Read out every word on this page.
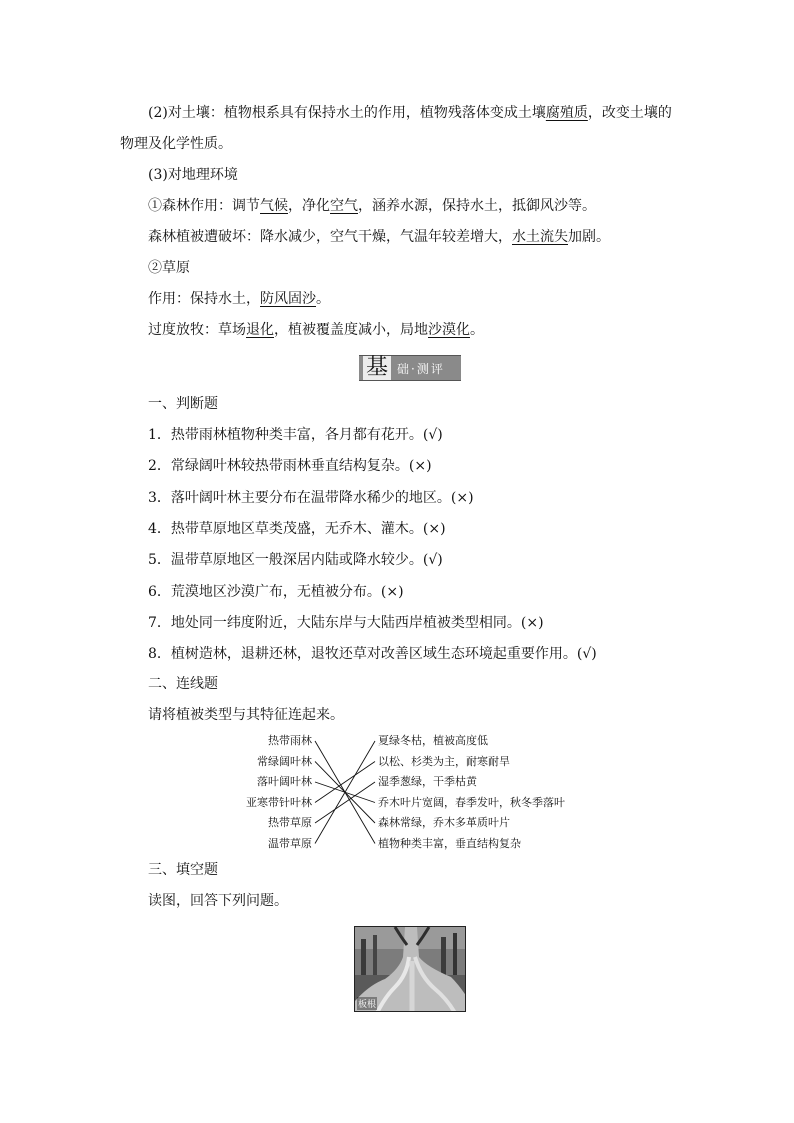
(2)对土壤：植物根系具有保持水土的作用，植物残落体变成土壤腐殖质，改变土壤的
物理及化学性质。
(3)对地理环境
①森林作用：调节气候，净化空气，涵养水源，保持水土，抵御风沙等。
森林植被遭破坏：降水减少，空气干燥，气温年较差增大，水土流失加剧。
②草原
作用：保持水土，防风固沙。
过度放牧：草场退化，植被覆盖度减小，局地沙漠化。
基 础·测评
一、判断题
1．热带雨林植物种类丰富，各月都有花开。(√)
2．常绿阔叶林较热带雨林垂直结构复杂。(×)
3．落叶阔叶林主要分布在温带降水稀少的地区。(×)
4．热带草原地区草类茂盛，无乔木、灌木。(×)
5．温带草原地区一般深居内陆或降水较少。(√)
6．荒漠地区沙漠广布，无植被分布。(×)
7．地处同一纬度附近，大陆东岸与大陆西岸植被类型相同。(×)
8．植树造林，退耕还林，退牧还草对改善区域生态环境起重要作用。(√)
二、连线题
请将植被类型与其特征连起来。
热带雨林
常绿阔叶林
落叶阔叶林
亚寒带针叶林
热带草原
温带草原
夏绿冬枯，植被高度低
以松、杉类为主，耐寒耐旱
湿季葱绿，干季枯黄
乔木叶片宽阔，春季发叶，秋冬季落叶
森林常绿，乔木多革质叶片
植物种类丰富，垂直结构复杂
三、填空题
读图，回答下列问题。
板根
